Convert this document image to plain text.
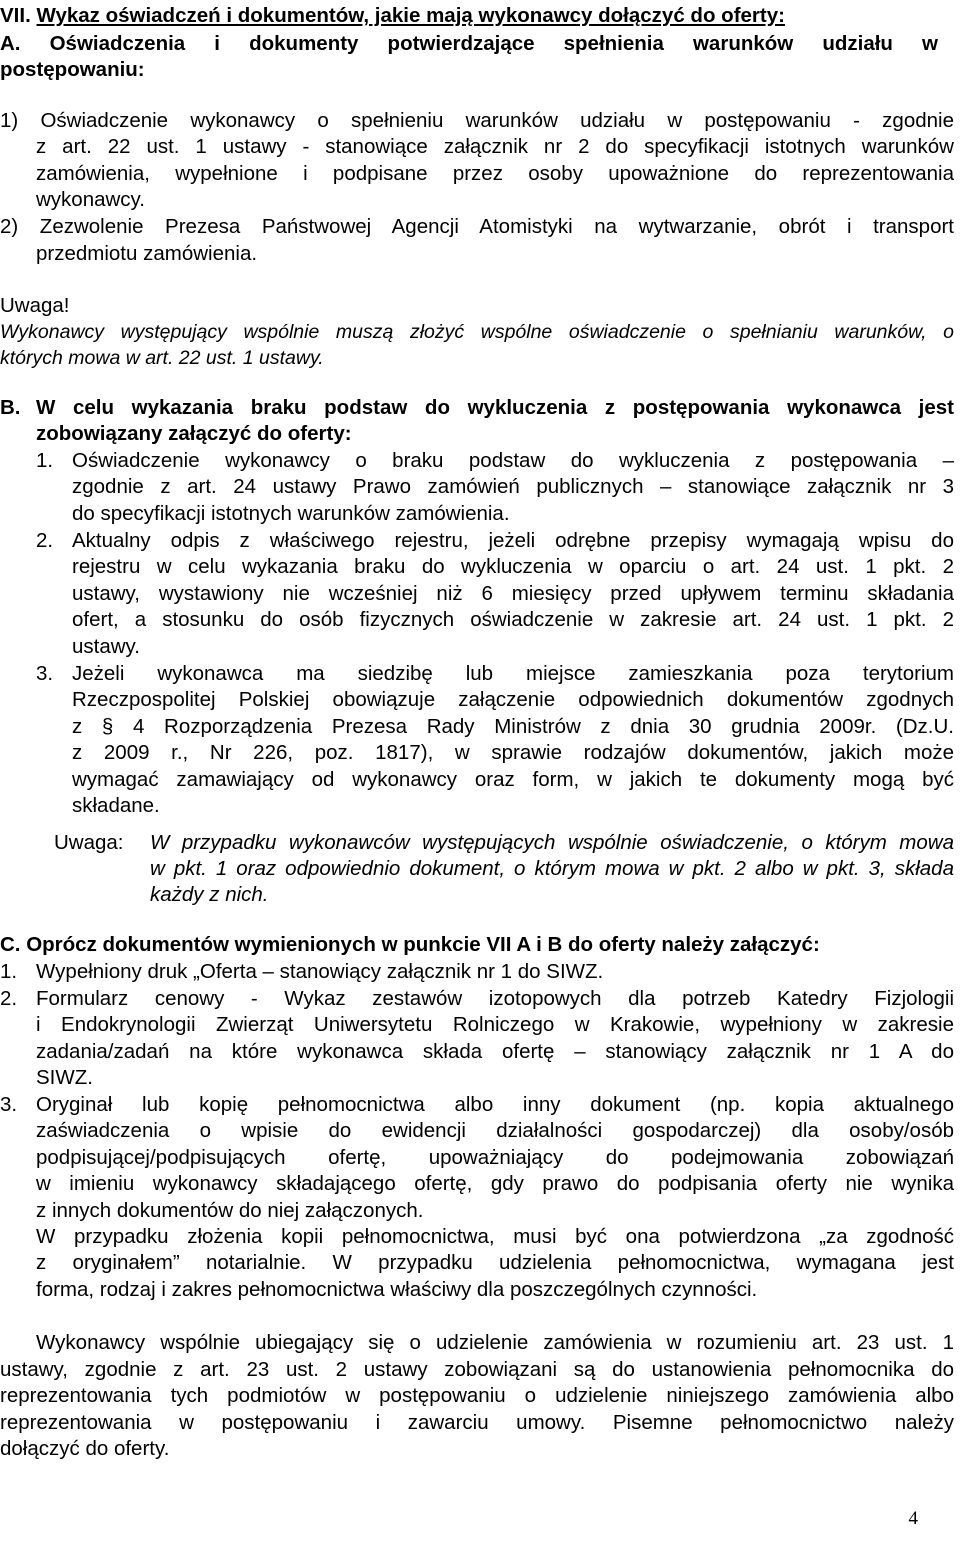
VII. Wykaz oświadczeń i dokumentów, jakie mają wykonawcy dołączyć do oferty:
A. Oświadczenia i dokumenty potwierdzające spełnienia warunków udziału w
postępowaniu:
1) Oświadczenie wykonawcy o spełnieniu warunków udziału w postępowaniu - zgodnie
z art. 22 ust. 1 ustawy - stanowiące załącznik nr 2 do specyfikacji istotnych warunków
zamówienia, wypełnione i podpisane przez osoby upoważnione do reprezentowania
wykonawcy.
2) Zezwolenie Prezesa Państwowej Agencji Atomistyki na wytwarzanie, obrót i transport
przedmiotu zamówienia.
Uwaga!
Wykonawcy występujący wspólnie muszą złożyć wspólne oświadczenie o spełnianiu warunków, o
których mowa w art. 22 ust. 1 ustawy.
B. W celu wykazania braku podstaw do wykluczenia z postępowania wykonawca jest
zobowiązany załączyć do oferty:
1. Oświadczenie wykonawcy o braku podstaw do wykluczenia z postępowania –
zgodnie z art. 24 ustawy Prawo zamówień publicznych – stanowiące załącznik nr 3
do specyfikacji istotnych warunków zamówienia.
2. Aktualny odpis z właściwego rejestru, jeżeli odrębne przepisy wymagają wpisu do
rejestru w celu wykazania braku do wykluczenia w oparciu o art. 24 ust. 1 pkt. 2
ustawy, wystawiony nie wcześniej niż 6 miesięcy przed upływem terminu składania
ofert, a stosunku do osób fizycznych oświadczenie w zakresie art. 24 ust. 1 pkt. 2
ustawy.
3. Jeżeli wykonawca ma siedzibę lub miejsce zamieszkania poza terytorium
Rzeczpospolitej Polskiej obowiązuje załączenie odpowiednich dokumentów zgodnych
z § 4 Rozporządzenia Prezesa Rady Ministrów z dnia 30 grudnia 2009r. (Dz.U.
z 2009 r., Nr 226, poz. 1817), w sprawie rodzajów dokumentów, jakich może
wymagać zamawiający od wykonawcy oraz form, w jakich te dokumenty mogą być
składane.
Uwaga: W przypadku wykonawców występujących wspólnie oświadczenie, o którym mowa
w pkt. 1 oraz odpowiednio dokument, o którym mowa w pkt. 2 albo w pkt. 3, składa
każdy z nich.
C. Oprócz dokumentów wymienionych w punkcie VII A i B do oferty należy załączyć:
1. Wypełniony druk „Oferta – stanowiący załącznik nr 1 do SIWZ.
2. Formularz cenowy - Wykaz zestawów izotopowych dla potrzeb Katedry Fizjologii
i Endokrynologii Zwierząt Uniwersytetu Rolniczego w Krakowie, wypełniony w zakresie
zadania/zadań na które wykonawca składa ofertę – stanowiący załącznik nr 1 A do
SIWZ.
3. Oryginał lub kopię pełnomocnictwa albo inny dokument (np. kopia aktualnego
zaświadczenia o wpisie do ewidencji działalności gospodarczej) dla osoby/osób
podpisującej/podpisujących ofertę, upoważniający do podejmowania zobowiązań
w imieniu wykonawcy składającego ofertę, gdy prawo do podpisania oferty nie wynika
z innych dokumentów do niej załączonych.
W przypadku złożenia kopii pełnomocnictwa, musi być ona potwierdzona „za zgodność
z oryginałem” notarialnie. W przypadku udzielenia pełnomocnictwa, wymagana jest
forma, rodzaj i zakres pełnomocnictwa właściwy dla poszczególnych czynności.
Wykonawcy wspólnie ubiegający się o udzielenie zamówienia w rozumieniu art. 23 ust. 1
ustawy, zgodnie z art. 23 ust. 2 ustawy zobowiązani są do ustanowienia pełnomocnika do
reprezentowania tych podmiotów w postępowaniu o udzielenie niniejszego zamówienia albo
reprezentowania w postępowaniu i zawarciu umowy. Pisemne pełnomocnictwo należy
dołączyć do oferty.
4
